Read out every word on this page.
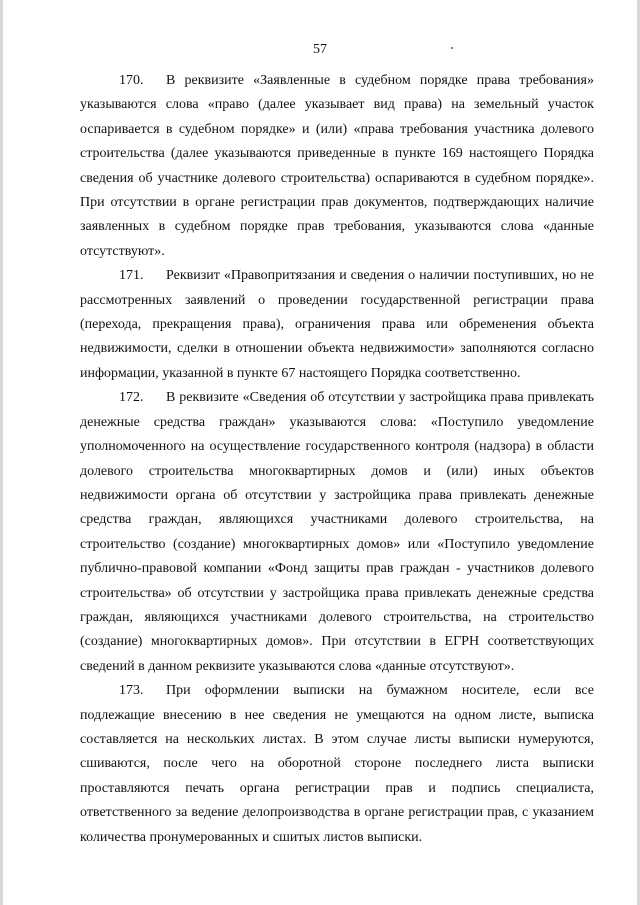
57

170. В реквизите «Заявленные в судебном порядке права требования» указываются слова «право (далее указывает вид права) на земельный участок оспаривается в судебном порядке» и (или) «права требования участника долевого строительства (далее указываются приведенные в пункте 169 настоящего Порядка сведения об участнике долевого строительства) оспариваются в судебном порядке». При отсутствии в органе регистрации прав документов, подтверждающих наличие заявленных в судебном порядке прав требования, указываются слова «данные отсутствуют».

171. Реквизит «Правопритязания и сведения о наличии поступивших, но не рассмотренных заявлений о проведении государственной регистрации права (перехода, прекращения права), ограничения права или обременения объекта недвижимости, сделки в отношении объекта недвижимости» заполняются согласно информации, указанной в пункте 67 настоящего Порядка соответственно.

172. В реквизите «Сведения об отсутствии у застройщика права привлекать денежные средства граждан» указываются слова: «Поступило уведомление уполномоченного на осуществление государственного контроля (надзора) в области долевого строительства многоквартирных домов и (или) иных объектов недвижимости органа об отсутствии у застройщика права привлекать денежные средства граждан, являющихся участниками долевого строительства, на строительство (создание) многоквартирных домов» или «Поступило уведомление публично-правовой компании «Фонд защиты прав граждан - участников долевого строительства» об отсутствии у застройщика права привлекать денежные средства граждан, являющихся участниками долевого строительства, на строительство (создание) многоквартирных домов». При отсутствии в ЕГРН соответствующих сведений в данном реквизите указываются слова «данные отсутствуют».

173. При оформлении выписки на бумажном носителе, если все подлежащие внесению в нее сведения не умещаются на одном листе, выписка составляется на нескольких листах. В этом случае листы выписки нумеруются, сшиваются, после чего на оборотной стороне последнего листа выписки проставляются печать органа регистрации прав и подпись специалиста, ответственного за ведение делопроизводства в органе регистрации прав, с указанием количества пронумерованных и сшитых листов выписки.
